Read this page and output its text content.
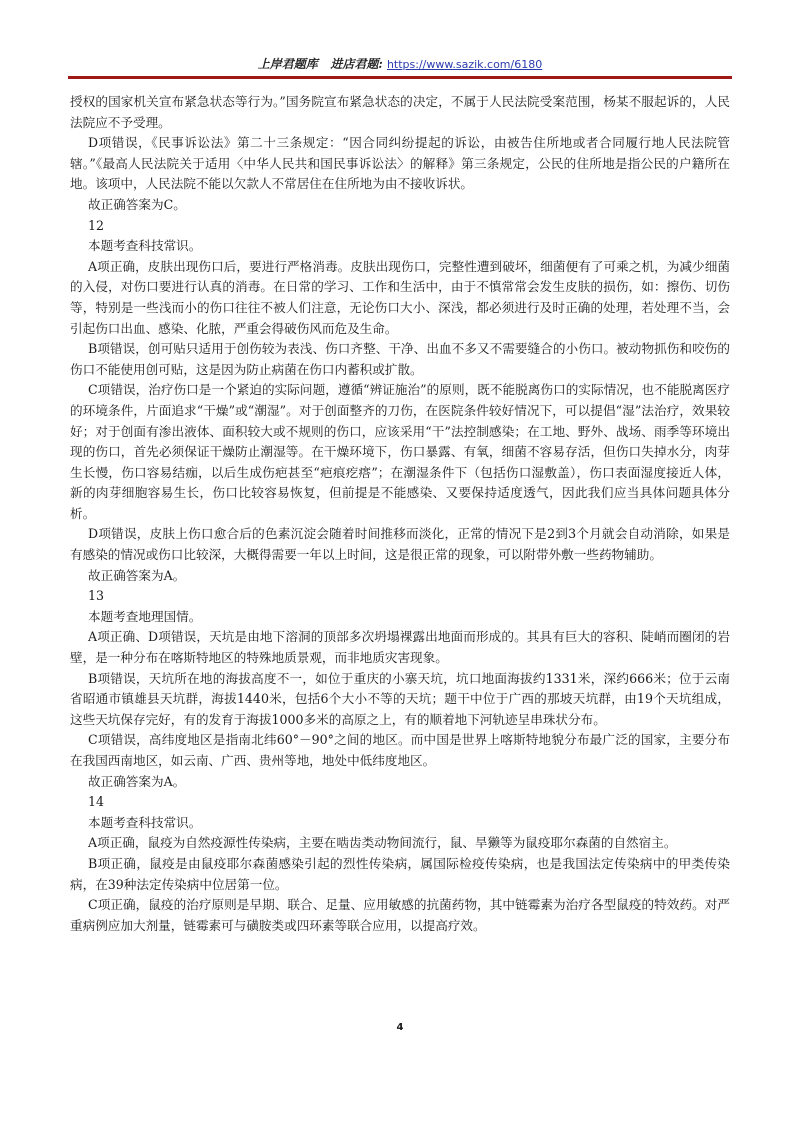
上岸君题库 进店君题: https://www.sazik.com/6180

授权的国家机关宣布紧急状态等行为。”国务院宣布紧急状态的决定，不属于人民法院受案范围，杨某不服起诉的，人民法院应不予受理。

D项错误，《民事诉讼法》第二十三条规定：“因合同纠纷提起的诉讼，由被告住所地或者合同履行地人民法院管辖。”《最高人民法院关于适用〈中华人民共和国民事诉讼法〉的解释》第三条规定，公民的住所地是指公民的户籍所在地。该项中，人民法院不能以欠款人不常居住在住所地为由不接收诉状。

故正确答案为C。

12

本题考查科技常识。

A项正确，皮肤出现伤口后，要进行严格消毒。皮肤出现伤口，完整性遭到破坏，细菌便有了可乘之机，为减少细菌的入侵，对伤口要进行认真的消毒。在日常的学习、工作和生活中，由于不慎常常会发生皮肤的损伤，如：擦伤、切伤等，特别是一些浅而小的伤口往往不被人们注意，无论伤口大小、深浅，都必须进行及时正确的处理，若处理不当，会引起伤口出血、感染、化脓，严重会得破伤风而危及生命。

B项错误，创可贴只适用于创伤较为表浅、伤口齐整、干净、出血不多又不需要缝合的小伤口。被动物抓伤和咬伤的伤口不能使用创可贴，这是因为防止病菌在伤口内蓄积或扩散。

C项错误，治疗伤口是一个紧迫的实际问题，遵循“辨证施治”的原则，既不能脱离伤口的实际情况，也不能脱离医疗的环境条件，片面追求“干燥”或“潮湿”。对于创面整齐的刀伤，在医院条件较好情况下，可以提倡“湿”法治疗，效果较好；对于创面有渗出液体、面积较大或不规则的伤口，应该采用“干”法控制感染；在工地、野外、战场、雨季等环境出现的伤口，首先必须保证干燥防止潮湿等。在干燥环境下，伤口暴露、有氧，细菌不容易存活，但伤口失掉水分，肉芽生长慢，伤口容易结痂，以后生成伤疤甚至“疤痕疙瘩”；在潮湿条件下（包括伤口湿敷盖），伤口表面湿度接近人体，新的肉芽细胞容易生长，伤口比较容易恢复，但前提是不能感染、又要保持适度透气，因此我们应当具体问题具体分析。

D项错误，皮肤上伤口愈合后的色素沉淀会随着时间推移而淡化，正常的情况下是2到3个月就会自动消除，如果是有感染的情况或伤口比较深，大概得需要一年以上时间，这是很正常的现象，可以附带外敷一些药物辅助。

故正确答案为A。

13

本题考查地理国情。

A项正确、D项错误，天坑是由地下溶洞的顶部多次坍塌裸露出地面而形成的。其具有巨大的容积、陡峭而圈闭的岩壁，是一种分布在喀斯特地区的特殊地质景观，而非地质灾害现象。

B项错误，天坑所在地的海拔高度不一，如位于重庆的小寨天坑，坑口地面海拔约1331米，深约666米；位于云南省昭通市镇雄县天坑群，海拔1440米，包括6个大小不等的天坑；题干中位于广西的那坡天坑群，由19个天坑组成，这些天坑保存完好，有的发育于海拔1000多米的高原之上，有的顺着地下河轨迹呈串珠状分布。

C项错误，高纬度地区是指南北纬60°－90°之间的地区。而中国是世界上喀斯特地貌分布最广泛的国家，主要分布在我国西南地区，如云南、广西、贵州等地，地处中低纬度地区。

故正确答案为A。

14

本题考查科技常识。

A项正确，鼠疫为自然疫源性传染病，主要在啮齿类动物间流行，鼠、旱獭等为鼠疫耶尔森菌的自然宿主。

B项正确，鼠疫是由鼠疫耶尔森菌感染引起的烈性传染病，属国际检疫传染病，也是我国法定传染病中的甲类传染病，在39种法定传染病中位居第一位。

C项正确，鼠疫的治疗原则是早期、联合、足量、应用敏感的抗菌药物，其中链霉素为治疗各型鼠疫的特效药。对严重病例应加大剂量，链霉素可与磺胺类或四环素等联合应用，以提高疗效。

4
